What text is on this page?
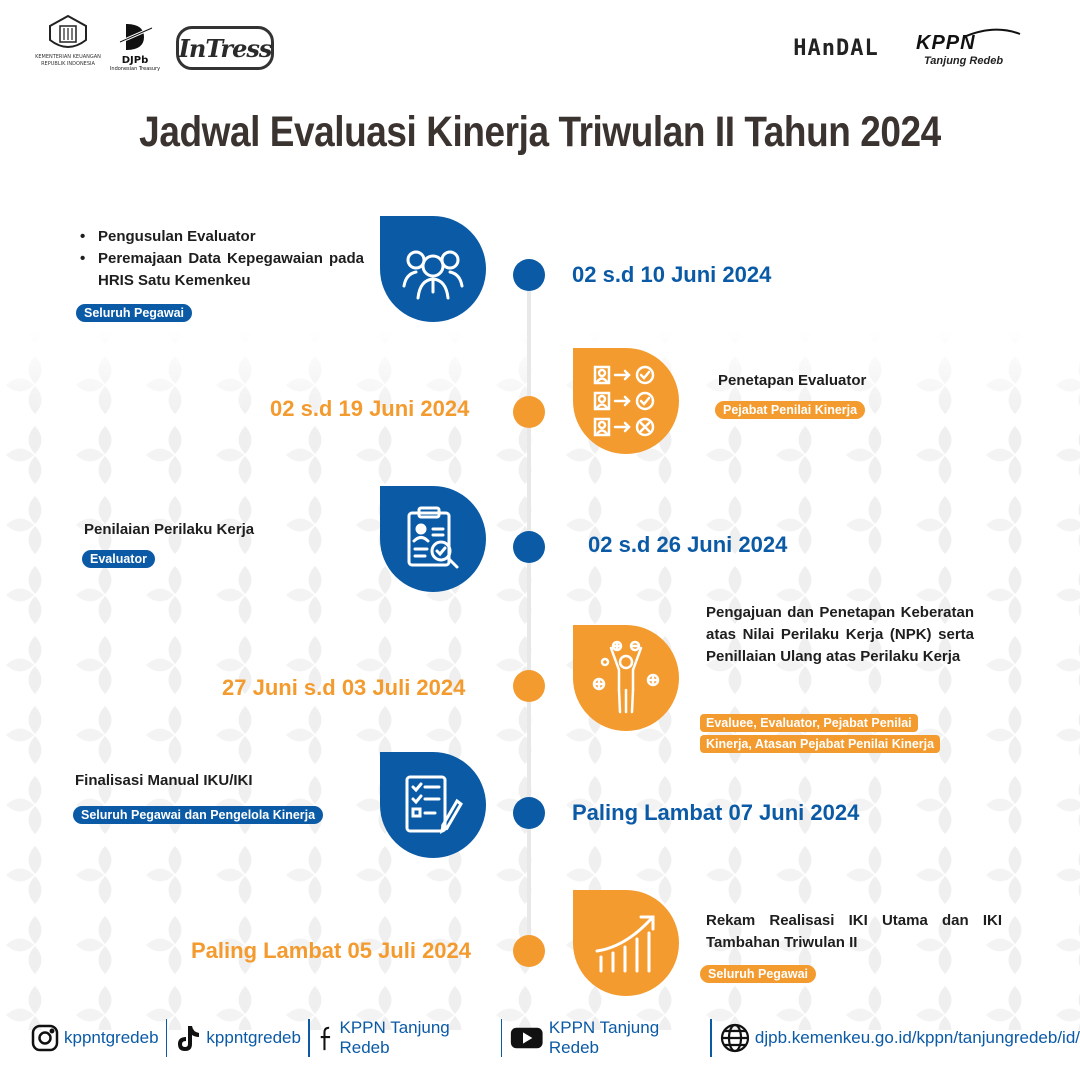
KEMENTERIAN KEUANGAN REPUBLIK INDONESIA	DJPb
Indonesian Treasury
InTress	HAnDAL KPPN
Tanjung Redeb
Jadwal Evaluasi Kinerja Triwulan II Tahun 2024
• Pengusulan Evaluator
• Peremajaan Data Kepegawaian pada HRIS Satu Kemenkeu
Seluruh Pegawai
02 s.d 10 Juni 2024
02 s.d 19 Juni 2024
Penetapan Evaluator
Pejabat Penilai Kinerja
Penilaian Perilaku Kerja
Evaluator
02 s.d 26 Juni 2024
27 Juni s.d 03 Juli 2024
Pengajuan dan Penetapan Keberatan atas Nilai Perilaku Kerja (NPK) serta Penillaian Ulang atas Perilaku Kerja
Evaluee, Evaluator, Pejabat Penilai
Kinerja, Atasan Pejabat Penilai Kinerja
Finalisasi Manual IKU/IKI
Seluruh Pegawai dan Pengelola Kinerja	Paling Lambat 07 Juni 2024
Paling Lambat 05 Juli 2024
Rekam Realisasi IKI Utama dan IKI Tambahan Triwulan II
Seluruh Pegawai
kppntgredeb	kppntgredeb
KPPN Tanjung Redeb
KPPN Tanjung Redeb
djpb.kemenkeu.go.id/kppn/tanjungredeb/id/
